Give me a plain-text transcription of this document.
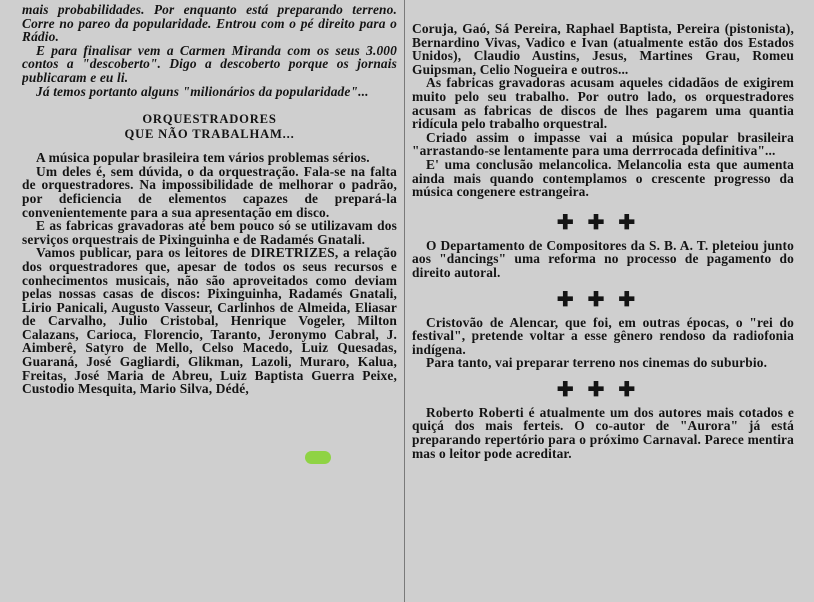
mais probabilidades. Por enquanto está preparando terreno. Corre no pareo da popularidade. Entrou com o pé direito para o Rádio.

E para finalisar vem a Carmen Miranda com os seus 3.000 contos a "descoberto". Digo a descoberto porque os jornais publicaram e eu li.

Já temos portanto alguns "milionários da popularidade"...

ORQUESTRADORES
QUE NÃO TRABALHAM...

A música popular brasileira tem vários problemas sérios.

Um deles é, sem dúvida, o da orquestração. Fala-se na falta de orquestradores. Na impossibilidade de melhorar o padrão, por deficiencia de elementos capazes de prepará-la convenientemente para a sua apresentação em disco.

E as fabricas gravadoras até bem pouco só se utilizavam dos serviços orquestrais de Pixinguinha e de Radamés Gnatali.

Vamos publicar, para os leitores de DIRETRIZES, a relação dos orquestradores que, apesar de todos os seus recursos e conhecimentos musicais, não são aproveitados como deviam pelas nossas casas de discos: Pixinguinha, Radamés Gnatali, Lirio Panicali, Augusto Vasseur, Carlinhos de Almeida, Eliasar de Carvalho, Julio Cristobal, Henrique Vogeler, Milton Calazans, Carioca, Florencio, Taranto, Jeronymo Cabral, J. Aimberê, Satyro de Mello, Celso Macedo, Luiz Quesadas, Guaraná, José Gagliardi, Glikman, Lazoli, Muraro, Kalua, Freitas, José Maria de Abreu, Luiz Baptista Guerra Peixe, Custodio Mesquita, Mario Silva, Dédé,

Coruja, Gaó, Sá Pereira, Raphael Baptista, Pereira (pistonista), Bernardino Vivas, Vadico e Ivan (atualmente estão dos Estados Unidos), Claudio Austins, Jesus, Martines Grau, Romeu Guipsman, Celio Nogueira e outros...

As fabricas gravadoras acusam aqueles cidadãos de exigirem muito pelo seu trabalho. Por outro lado, os orquestradores acusam as fabricas de discos de lhes pagarem uma quantia ridícula pelo trabalho orquestral.

Criado assim o impasse vai a música popular brasileira "arrastando-se lentamente para uma derrrocada definitiva"...

E' uma conclusão melancolica. Melancolia esta que aumenta ainda mais quando contemplamos o crescente progresso da música congenere estrangeira.

✚✚✚

O Departamento de Compositores da S. B. A. T. pleteiou junto aos "dancings" uma reforma no processo de pagamento do direito autoral.

✚✚✚

Cristovão de Alencar, que foi, em outras épocas, o "rei do festival", pretende voltar a esse gênero rendoso da radiofonia indígena.

Para tanto, vai preparar terreno nos cinemas do suburbio.

✚✚✚

Roberto Roberti é atualmente um dos autores mais cotados e quiçá dos mais ferteis. O co-autor de "Aurora" já está preparando repertório para o próximo Carnaval. Parece mentira mas o leitor pode acreditar.
